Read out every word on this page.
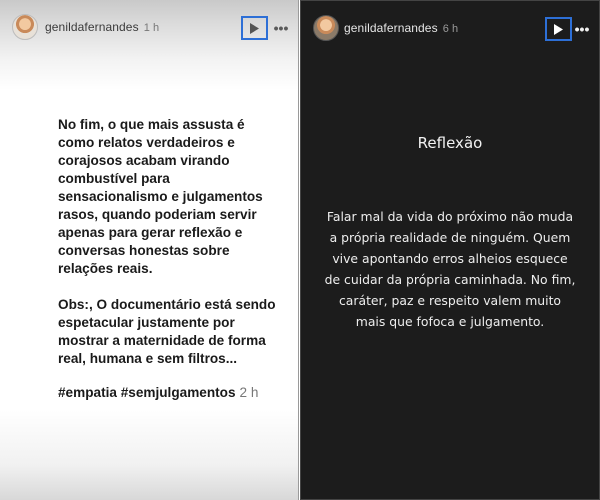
genildafernandes 1 h	•••

No fim, o que mais assusta é como relatos verdadeiros e corajosos acabam virando combustível para sensacionalismo e julgamentos rasos, quando poderiam servir apenas para gerar reflexão e conversas honestas sobre relações reais.

Obs:, O documentário está sendo espetacular justamente por mostrar a maternidade de forma real, humana e sem filtros...

#empatia #semjulgamentos 2 h

genildafernandes 6 h	•••
Reflexão
Falar mal da vida do próximo não muda a própria realidade de ninguém. Quem vive apontando erros alheios esquece de cuidar da própria caminhada. No fim, caráter, paz e respeito valem muito mais que fofoca e julgamento.
